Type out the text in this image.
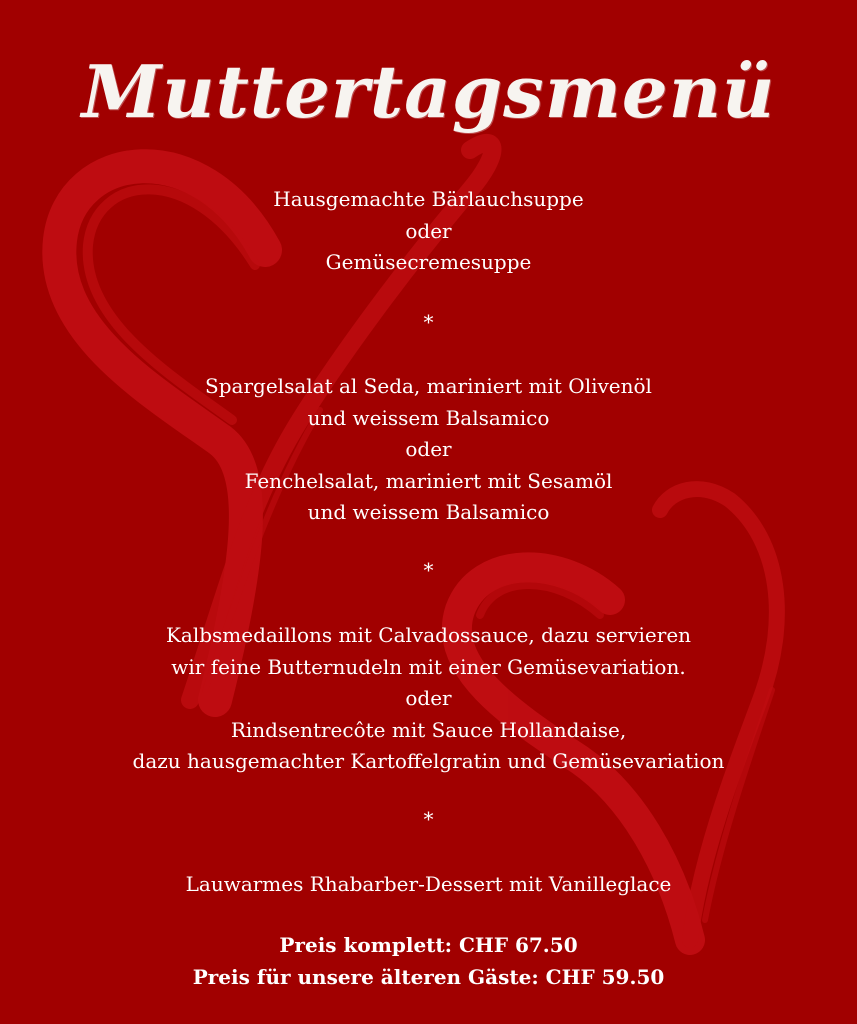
Muttertagsmenü
Hausgemachte Bärlauchsuppe
oder
Gemüsecremesuppe
*
Spargelsalat al Seda, mariniert mit Olivenöl
und weissem Balsamico
oder
Fenchelsalat, mariniert mit Sesamöl
und weissem Balsamico
*
Kalbsmedaillons mit Calvadossauce, dazu servieren
wir feine Butternudeln mit einer Gemüsevariation.
oder
Rindsentrecôte mit Sauce Hollandaise,
dazu hausgemachter Kartoffelgratin und Gemüsevariation
*
Lauwarmes Rhabarber-Dessert mit Vanilleglace
Preis komplett: CHF 67.50
Preis für unsere älteren Gäste: CHF 59.50
